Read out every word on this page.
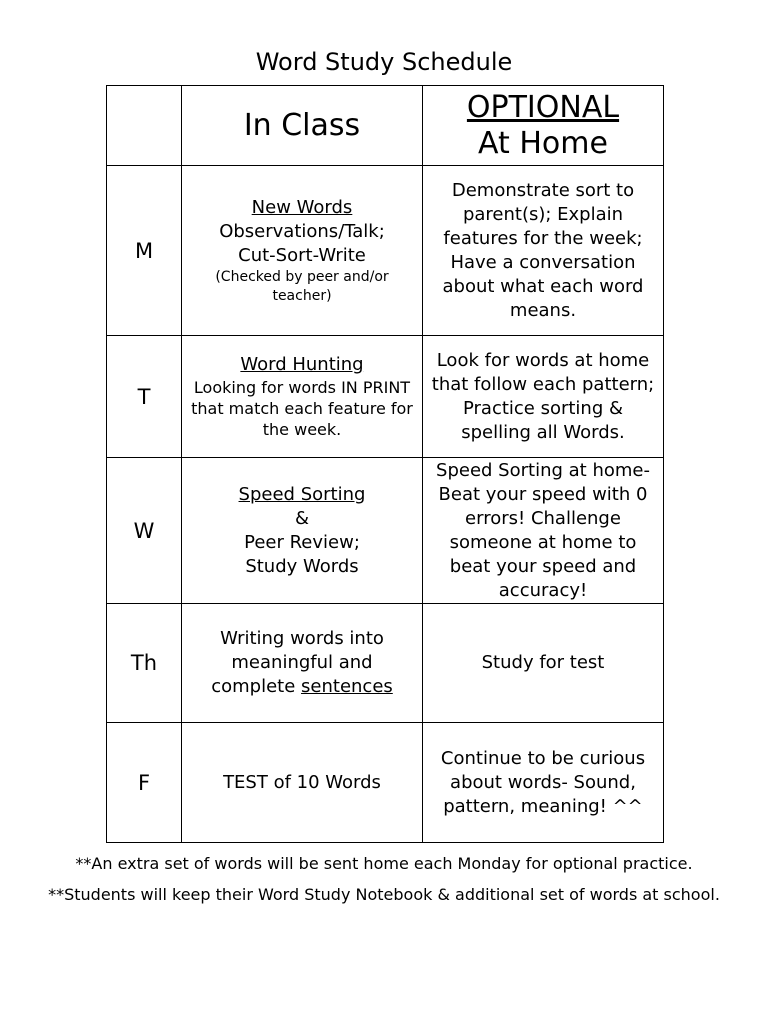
Word Study Schedule
	In Class	OPTIONAL
At Home

M	New Words
Observations/Talk;
Cut-Sort-Write
(Checked by peer and/or teacher)	Demonstrate sort to parent(s); Explain features for the week; Have a conversation about what each word means.
T	Word Hunting
Looking for words IN PRINT that match each feature for the week.	Look for words at home that follow each pattern; Practice sorting & spelling all Words.
W	Speed Sorting
&
Peer Review;
Study Words	Speed Sorting at home- Beat your speed with 0 errors! Challenge someone at home to beat your speed and accuracy!
Th	Writing words into meaningful and complete sentences	Study for test
F	TEST of 10 Words	Continue to be curious about words- Sound, pattern, meaning! ^^

**An extra set of words will be sent home each Monday for optional practice.

**Students will keep their Word Study Notebook & additional set of words at school.
